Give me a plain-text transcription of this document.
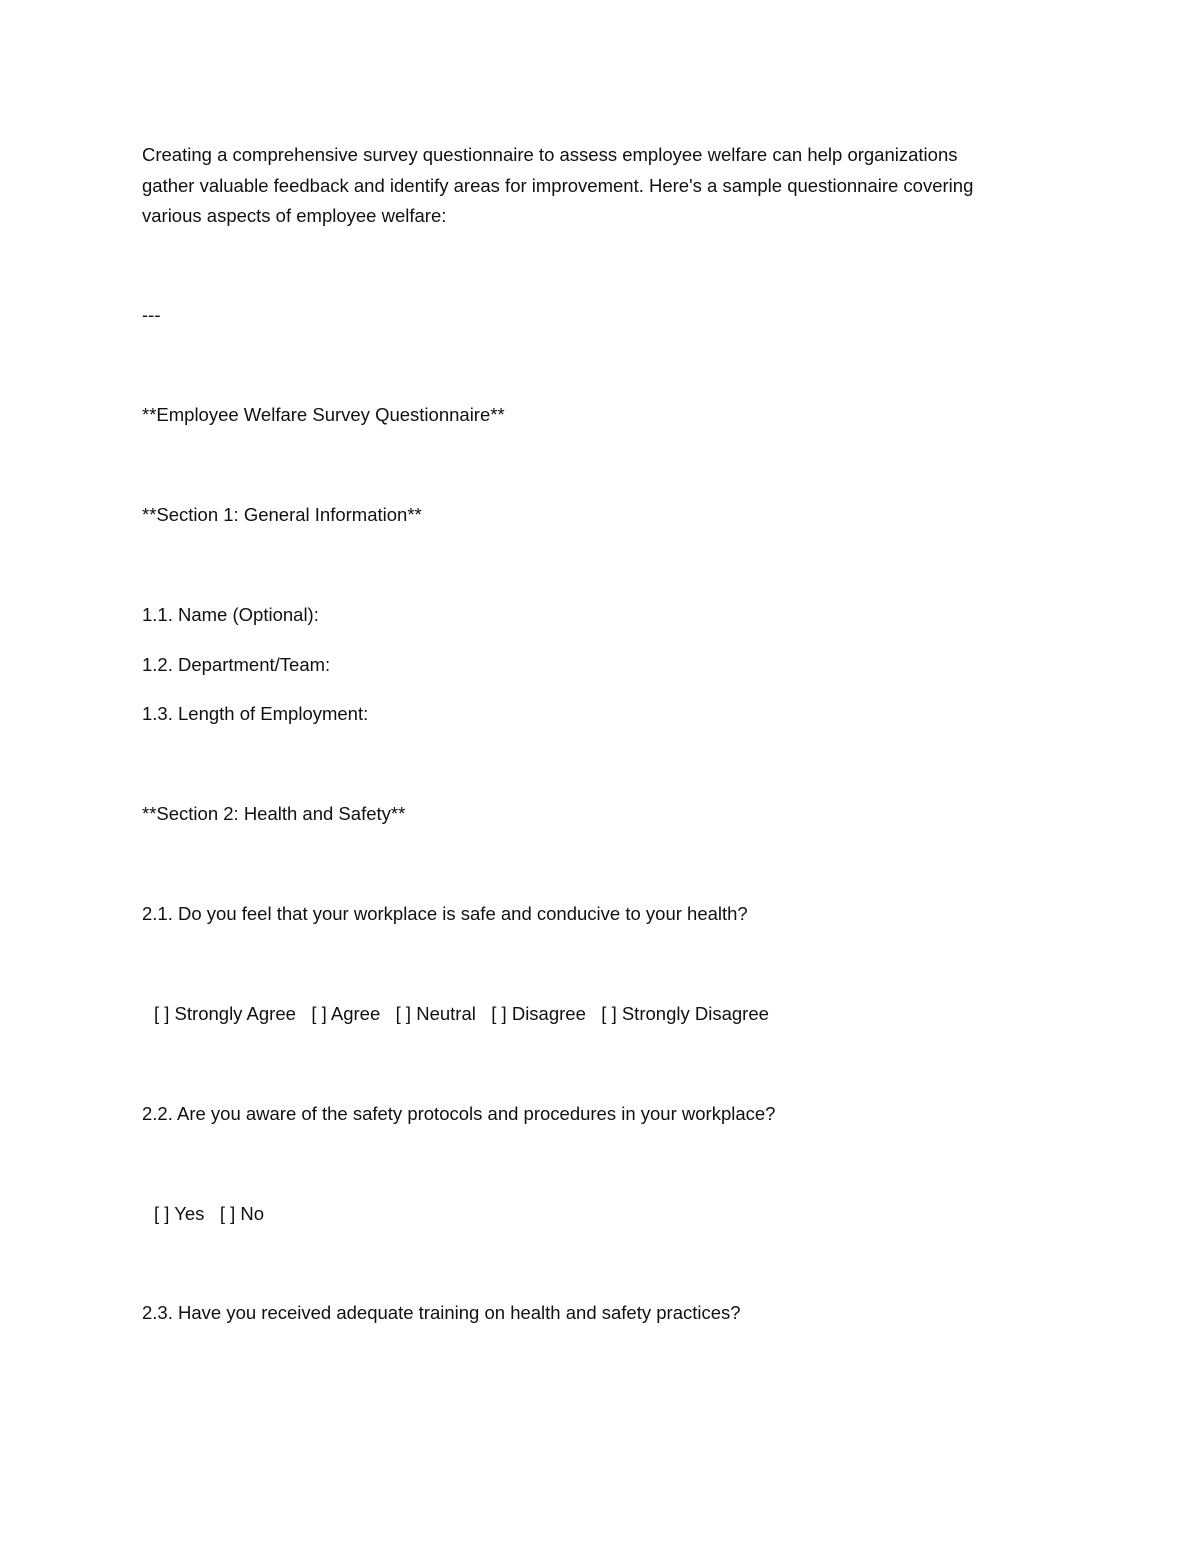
Creating a comprehensive survey questionnaire to assess employee welfare can help organizations
gather valuable feedback and identify areas for improvement. Here's a sample questionnaire covering
various aspects of employee welfare:
---
**Employee Welfare Survey Questionnaire**
**Section 1: General Information**
1.1. Name (Optional):
1.2. Department/Team:
1.3. Length of Employment:
**Section 2: Health and Safety**
2.1. Do you feel that your workplace is safe and conducive to your health?
[ ] Strongly Agree   [ ] Agree   [ ] Neutral   [ ] Disagree   [ ] Strongly Disagree
2.2. Are you aware of the safety protocols and procedures in your workplace?
[ ] Yes   [ ] No
2.3. Have you received adequate training on health and safety practices?
